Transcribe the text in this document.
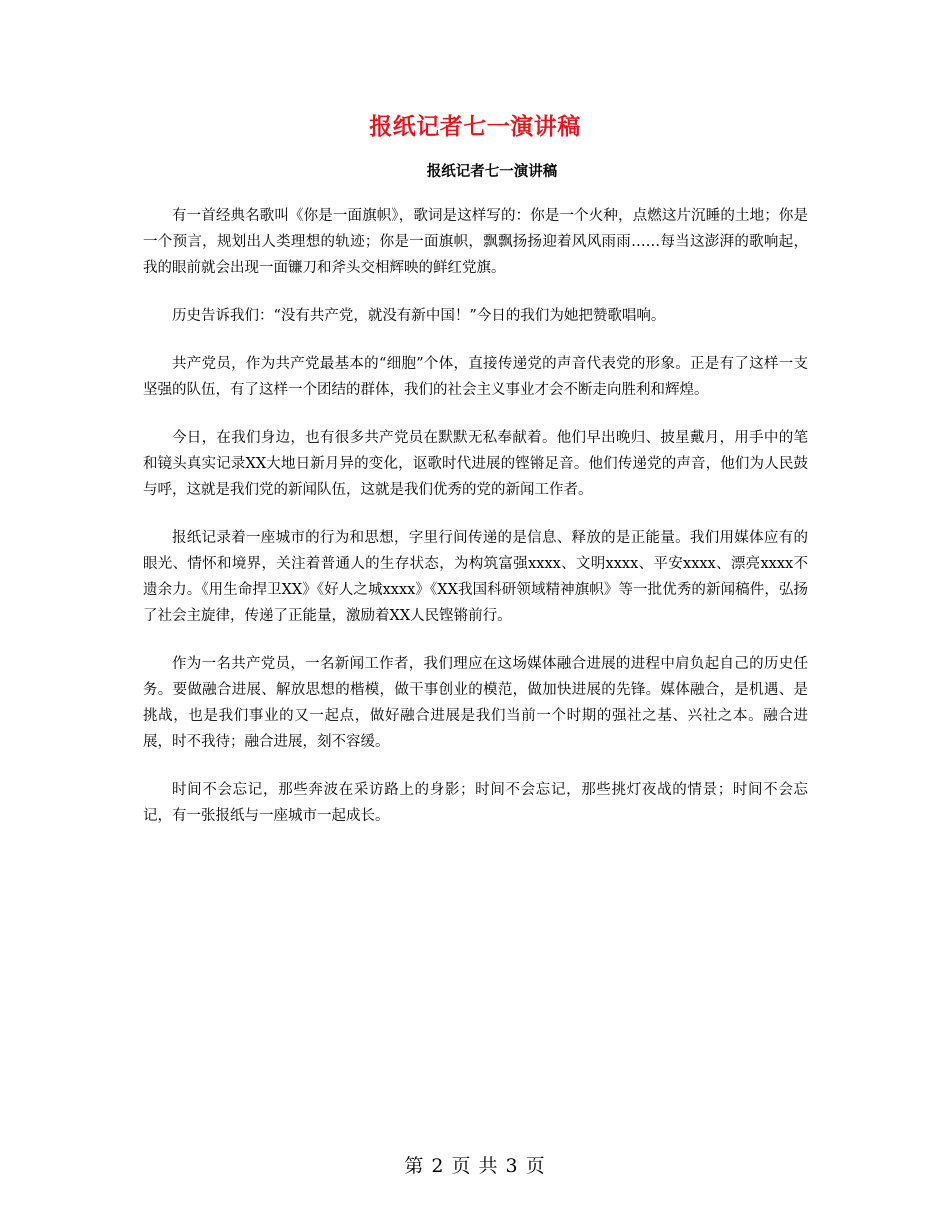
报纸记者七一演讲稿
报纸记者七一演讲稿

有一首经典名歌叫《你是一面旗帜》，歌词是这样写的：你是一个火种，点燃这片沉睡的土地；你是一个预言，规划出人类理想的轨迹；你是一面旗帜，飘飘扬扬迎着风风雨雨……每当这澎湃的歌响起，我的眼前就会出现一面镰刀和斧头交相辉映的鲜红党旗。

历史告诉我们：“没有共产党，就没有新中国！”今日的我们为她把赞歌唱响。

共产党员，作为共产党最基本的“细胞”个体，直接传递党的声音代表党的形象。正是有了这样一支坚强的队伍，有了这样一个团结的群体，我们的社会主义事业才会不断走向胜利和辉煌。

今日，在我们身边，也有很多共产党员在默默无私奉献着。他们早出晚归、披星戴月，用手中的笔和镜头真实记录XX大地日新月异的变化，讴歌时代进展的铿锵足音。他们传递党的声音，他们为人民鼓与呼，这就是我们党的新闻队伍，这就是我们优秀的党的新闻工作者。

报纸记录着一座城市的行为和思想，字里行间传递的是信息、释放的是正能量。我们用媒体应有的眼光、情怀和境界，关注着普通人的生存状态，为构筑富强xxxx、文明xxxx、平安xxxx、漂亮xxxx不遗余力。《用生命捍卫XX》《好人之城xxxx》《XX我国科研领域精神旗帜》等一批优秀的新闻稿件，弘扬了社会主旋律，传递了正能量，激励着XX人民铿锵前行。

作为一名共产党员，一名新闻工作者，我们理应在这场媒体融合进展的进程中肩负起自己的历史任务。要做融合进展、解放思想的楷模，做干事创业的模范，做加快进展的先锋。媒体融合，是机遇、是挑战，也是我们事业的又一起点，做好融合进展是我们当前一个时期的强社之基、兴社之本。融合进展，时不我待；融合进展，刻不容缓。

时间不会忘记，那些奔波在采访路上的身影；时间不会忘记，那些挑灯夜战的情景；时间不会忘记，有一张报纸与一座城市一起成长。

第 2 页 共 3 页
